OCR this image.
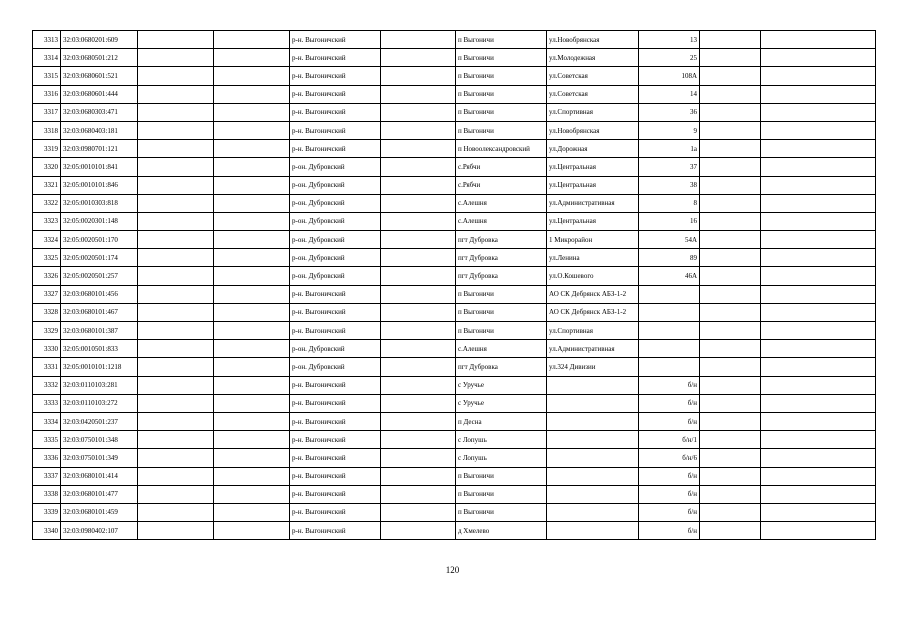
3313	32:03:0680201:609			р-н. Выгоничский		п Выгоничи	ул.Новобрянская	13		
3314	32:03:0680501:212			р-н. Выгоничский		п Выгоничи	ул.Молодежная	25		
3315	32:03:0680601:521			р-н. Выгоничский		п Выгоничи	ул.Советская	108А		
3316	32:03:0680601:444			р-н. Выгоничский		п Выгоничи	ул.Советская	14		
3317	32:03:0680303:471			р-н. Выгоничский		п Выгоничи	ул.Спортивная	36		
3318	32:03:0680403:181			р-н. Выгоничский		п Выгоничи	ул.Новобрянская	9		
3319	32:03:0980701:121			р-н. Выгоничский		п Новоолександровский	ул.Дорожная	1а		
3320	32:05:0010101:841			р-он. Дубровский		с.Рябчи	ул.Центральная	37		
3321	32:05:0010101:846			р-он. Дубровский		с.Рябчи	ул.Центральная	38		
3322	32:05:0010303:818			р-он. Дубровский		с.Алешня	ул.Административная	8		
3323	32:05:0020301:148			р-он. Дубровский		с.Алешня	ул.Центральная	16		
3324	32:05:0020501:170			р-он. Дубровский		пгт Дубровка	1 Микрорайон	54А		
3325	32:05:0020501:174			р-он. Дубровский		пгт Дубровка	ул.Ленина	89		
3326	32:05:0020501:257			р-он. Дубровский		пгт Дубровка	ул.О.Кошевого	46А		
3327	32:03:0680101:456			р-н. Выгоничский		п Выгоничи	АО СК Дебрянск АБЗ-1-2			
3328	32:03:0680101:467			р-н. Выгоничский		п Выгоничи	АО СК Дебрянск АБЗ-1-2			
3329	32:03:0680101:387			р-н. Выгоничский		п Выгоничи	ул.Спортивная			
3330	32:05:0010501:833			р-он. Дубровский		с.Алешня	ул.Административная			
3331	32:05:0010101:1218			р-он. Дубровский		пгт Дубровка	ул.324 Дивизии			
3332	32:03:0110103:281			р-н. Выгоничский		с Уручье		б/н		
3333	32:03:0110103:272			р-н. Выгоничский		с Уручье		б/н		
3334	32:03:0420501:237			р-н. Выгоничский		п Десна		б/н		
3335	32:03:0750101:348			р-н. Выгоничский		с Лопушь		б/н/1		
3336	32:03:0750101:349			р-н. Выгоничский		с Лопушь		б/н/6		
3337	32:03:0680101:414			р-н. Выгоничский		п Выгоничи		б/н		
3338	32:03:0680101:477			р-н. Выгоничский		п Выгоничи		б/н		
3339	32:03:0680101:459			р-н. Выгоничский		п Выгоничи		б/н		
3340	32:03:0980402:107			р-н. Выгоничский		д Хмелево		б/н		
120
